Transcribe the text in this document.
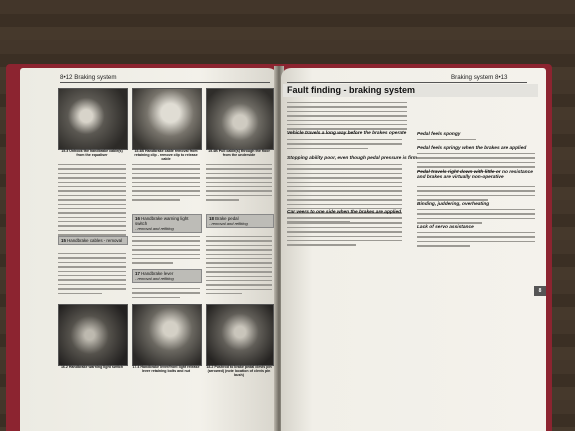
8•12 Braking system
15.3 Unhook the handbrake cable(s) from the equaliser
15.4B Handbrake cable removal from retaining clip - remove clip to release cable
15.4B Pull cable(s) through the floor from the underside
16 Handbrake warning light switch
- removal and refitting
18 Brake pedal
- removal and refitting
15 Handbrake cables - removal
17 Handbrake lever
- removal and refitting
16.2 Handbrake warning light switch	17.4 Handbrake lever/front light release lever retaining bolts and nut
18.2 Pushrod to brake pedal clevis pin (arrowed) (note location of clevis pin bush)
Braking system 8•13
Fault finding - braking system
Vehicle travels a long way before the brakes operate
Stopping ability poor, even though pedal pressure is firm
Car veers to one side when the brakes are applied
Pedal feels spongy
Pedal feels springy when the brakes are applied
Pedal travels right down with little or no resistance and brakes are virtually non-operative
Binding, juddering, overheating
Lack of servo assistance
8
